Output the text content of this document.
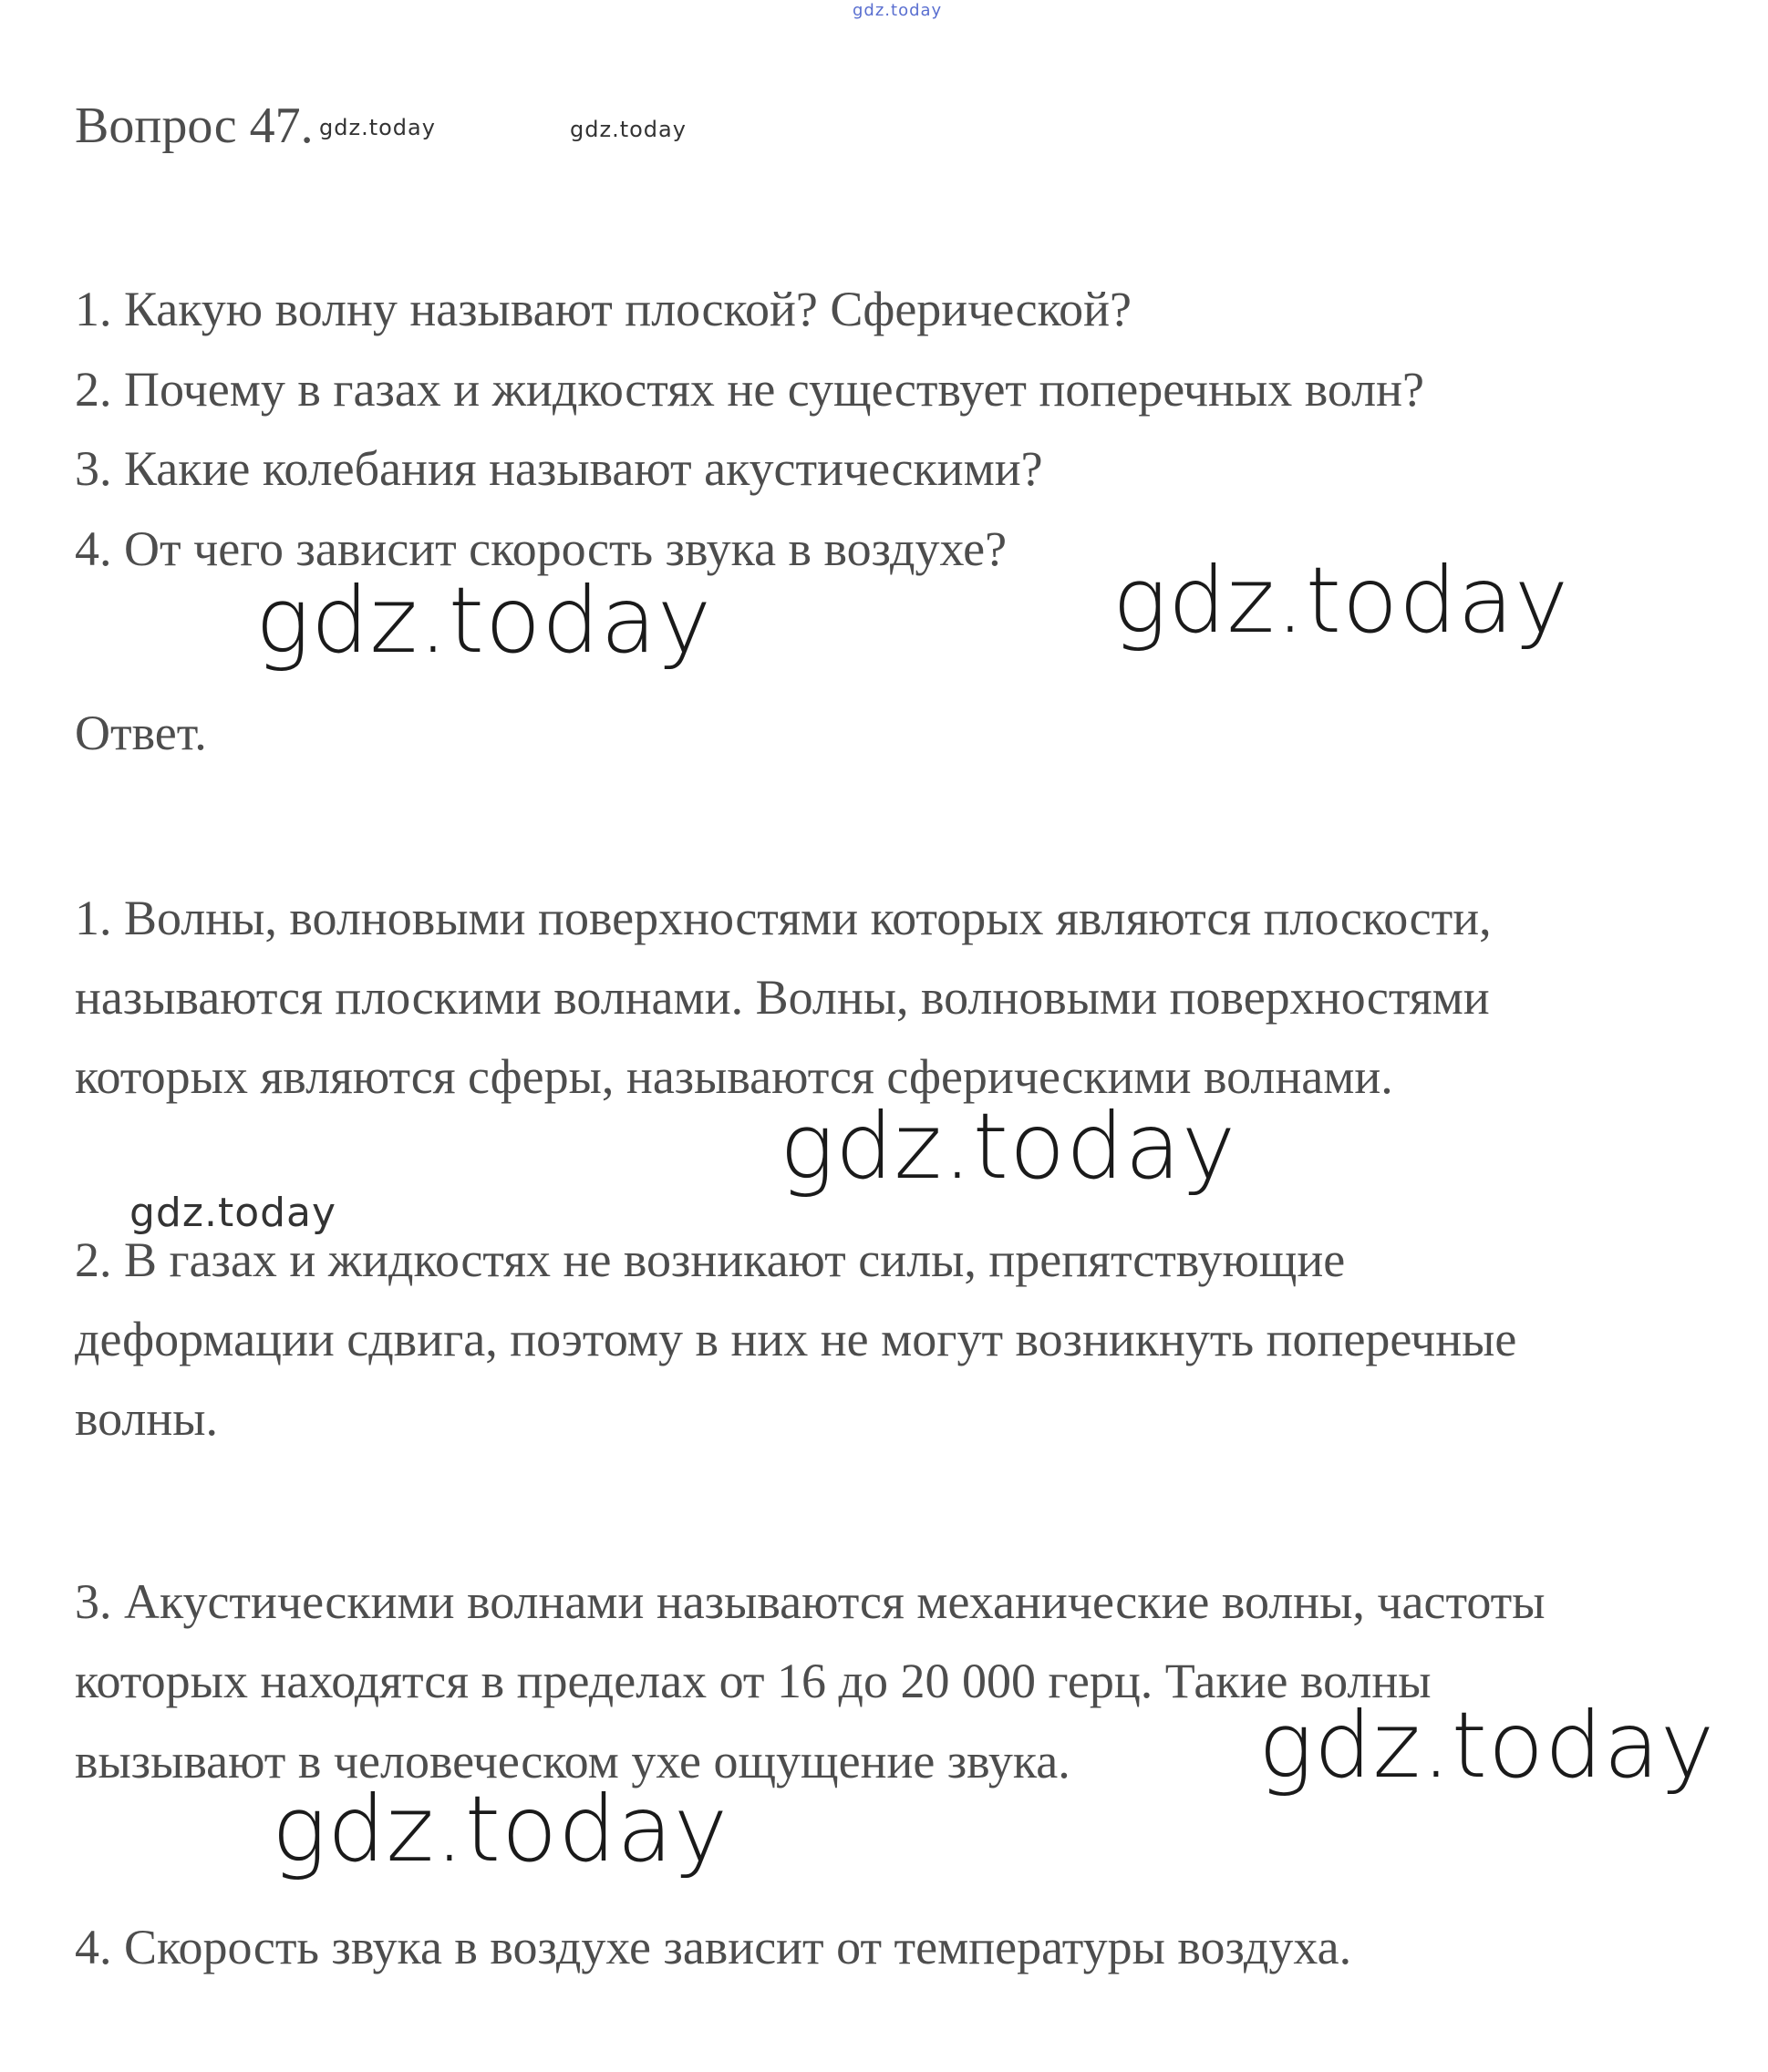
gdz.today
Вопрос 47. gdz.today	gdz.today
1. Какую волну называют плоской? Сферической?
2. Почему в газах и жидкостях не существует поперечных волн?
3. Какие колебания называют акустическими?
4. От чего зависит скорость звука в воздухе?
gdz.today	gdz.today
Ответ.
1. Волны, волновыми поверхностями которых являются плоскости,
называются плоскими волнами. Волны, волновыми поверхностями
которых являются сферы, называются сферическими волнами.
gdz.today
gdz.today
2. В газах и жидкостях не возникают силы, препятствующие
деформации сдвига, поэтому в них не могут возникнуть поперечные
волны.
3. Акустическими волнами называются механические волны, частоты
которых находятся в пределах от 16 до 20 000 герц. Такие волны
вызывают в человеческом ухе ощущение звука. gdz.today
gdz.today
4. Скорость звука в воздухе зависит от температуры воздуха.
